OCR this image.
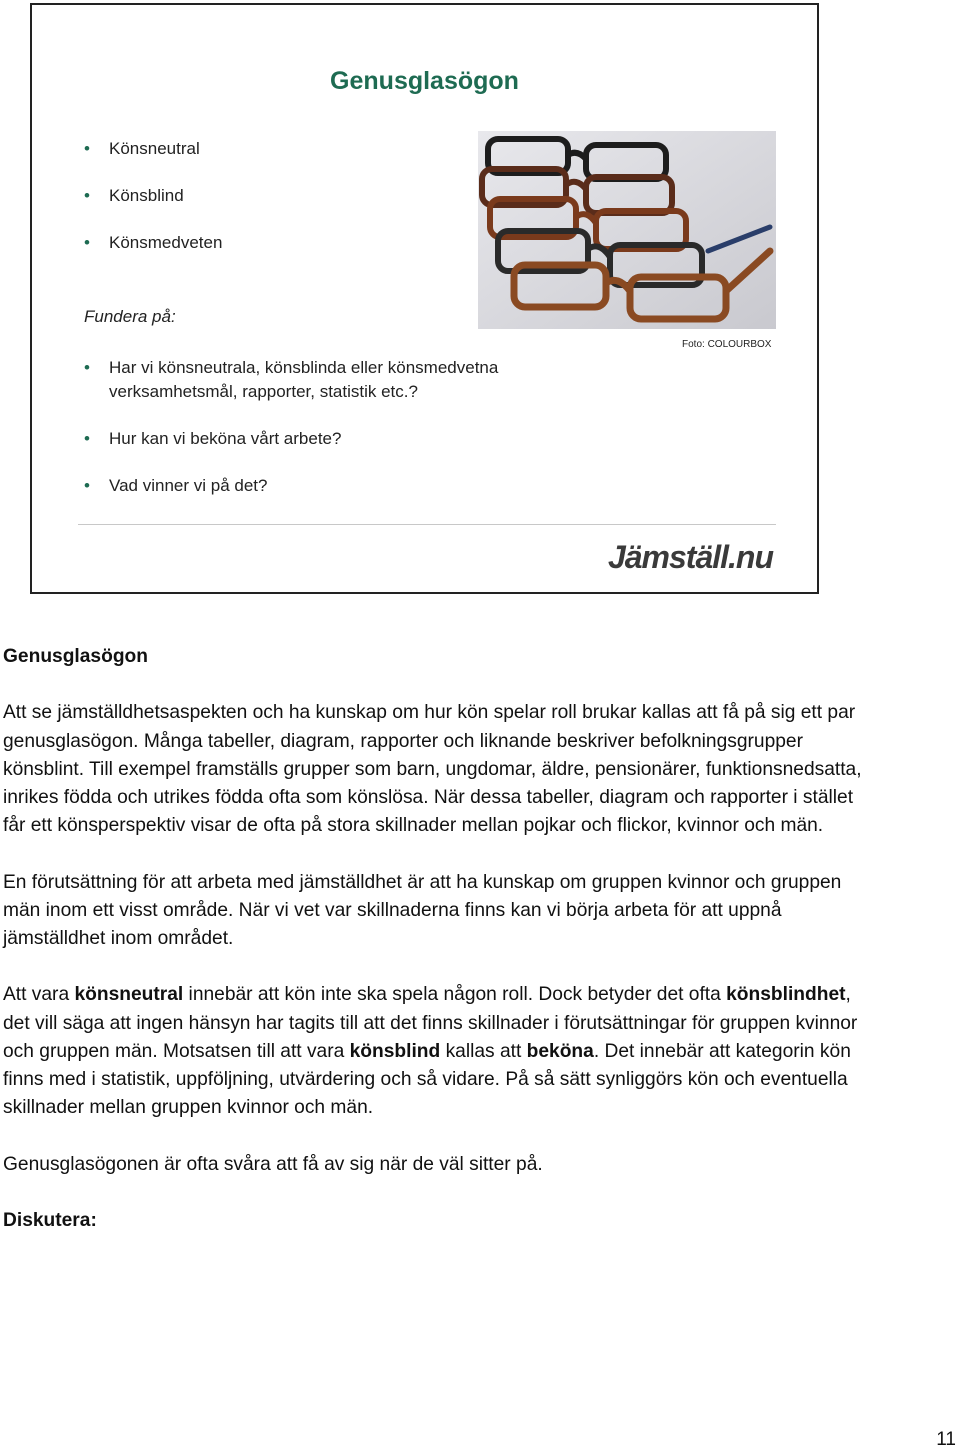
Genusglasögon
• Könsneutral
• Könsblind
• Könsmedveten
Fundera på:
• Har vi könsneutrala, könsblinda eller könsmedvetna verksamhetsmål, rapporter, statistik etc.?
• Hur kan vi beköna vårt arbete?
• Vad vinner vi på det?
Foto: COLOURBOX
Jämställ.nu

Genusglasögon

Att se jämställdhetsaspekten och ha kunskap om hur kön spelar roll brukar kallas att få på sig ett par genusglasögon. Många tabeller, diagram, rapporter och liknande beskriver befolkningsgrupper könsblint. Till exempel framställs grupper som barn, ungdomar, äldre, pensionärer, funktionsnedsatta, inrikes födda och utrikes födda ofta som könslösa. När dessa tabeller, diagram och rapporter i stället får ett könsperspektiv visar de ofta på stora skillnader mellan pojkar och flickor, kvinnor och män.

En förutsättning för att arbeta med jämställdhet är att ha kunskap om gruppen kvinnor och gruppen män inom ett visst område. När vi vet var skillnaderna finns kan vi börja arbeta för att uppnå jämställdhet inom området.

Att vara könsneutral innebär att kön inte ska spela någon roll. Dock betyder det ofta könsblindhet, det vill säga att ingen hänsyn har tagits till att det finns skillnader i förutsättningar för gruppen kvinnor och gruppen män. Motsatsen till att vara könsblind kallas att beköna. Det innebär att kategorin kön finns med i statistik, uppföljning, utvärdering och så vidare. På så sätt synliggörs kön och eventuella skillnader mellan gruppen kvinnor och män.

Genusglasögonen är ofta svåra att få av sig när de väl sitter på.

Diskutera:

11
